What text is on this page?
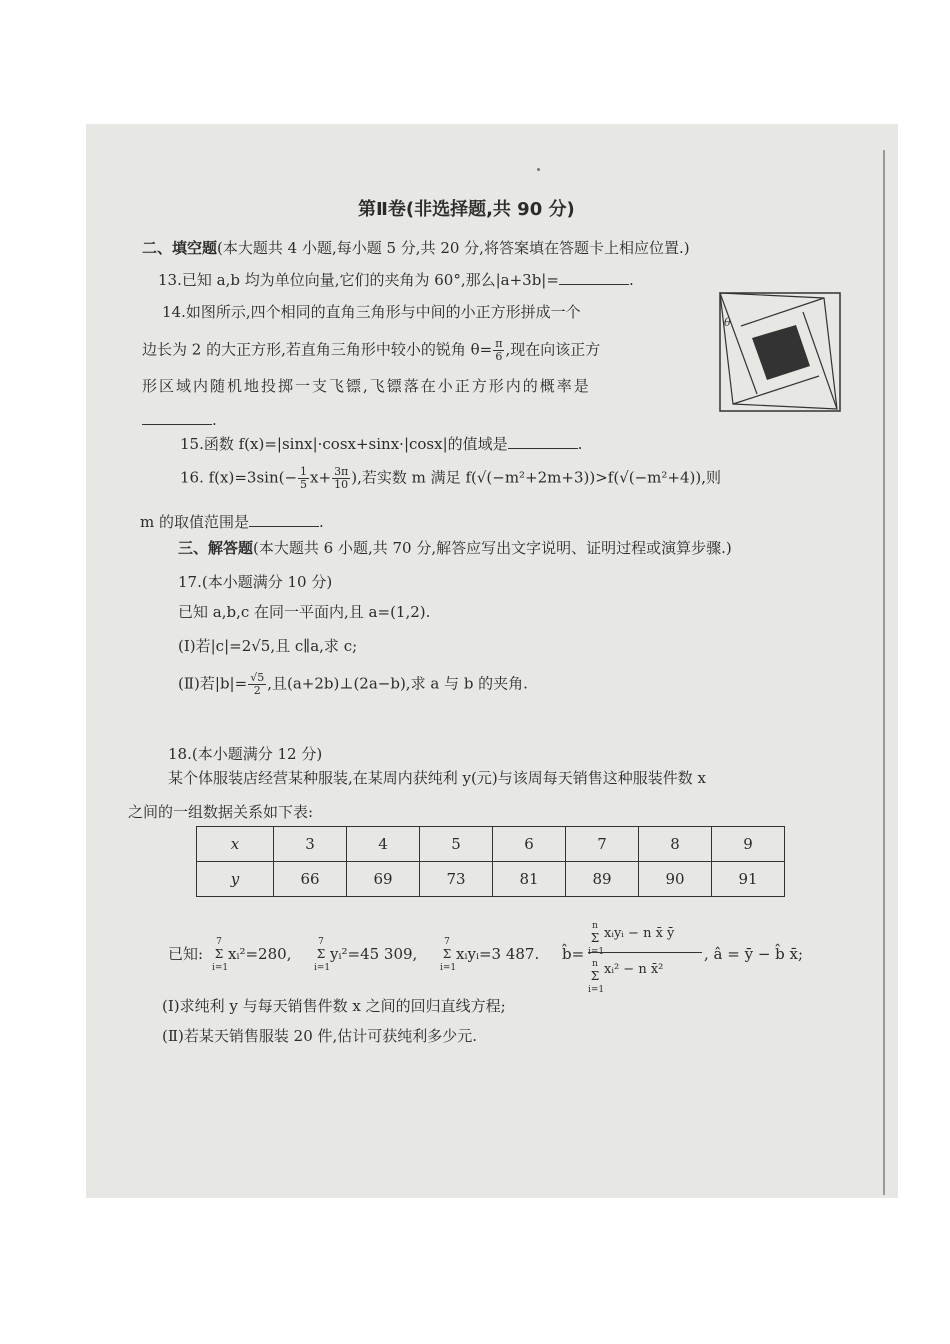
第Ⅱ卷(非选择题,共 90 分)
二、填空题(本大题共 4 小题,每小题 5 分,共 20 分,将答案填在答题卡上相应位置.)
13.已知 a,b 均为单位向量,它们的夹角为 60°,那么|a+3b|=	.
14.如图所示,四个相同的直角三角形与中间的小正方形拼成一个
边长为 2 的大正方形,若直角三角形中较小的锐角 $\theta= \frac{\pi}{6}$ ,现在向该正方
形区域内随机地投掷一支飞镖,飞镖落在小正方形内的概率是
.
θ
15.函数 f(x)=|sinx|·cosx+sinx·|cosx|的值域是	.
16. $f(x)=3\sin(- \frac{1}{5} x+ \frac{3\pi}{10}$ ),若实数 m 满足 f(√(−m²+2m+3))>f(√(−m²+4)),则
m 的取值范围是	.
三、解答题(本大题共 6 小题,共 70 分,解答应写出文字说明、证明过程或演算步骤.)
17.(本小题满分 10 分)
已知 a,b,c 在同一平面内,且 a=(1,2).
(Ⅰ)若|c|=2√5,且 c∥a,求 c;
(Ⅱ)若$|b|= \frac{√5}{2}$ ,且(a+2b)⊥(2a−b),求 a 与 b 的夹角.
18.(本小题满分 12 分)
某个体服装店经营某种服装,在某周内获纯利 y(元)与该周每天销售这种服装件数 x
之间的一组数据关系如下表:
x	3	4	5	6	7	8	9
y	66	69	73	81	89	90	91
已知:
7
Σ
i=1
xᵢ²=280,
7
Σ
i=1
yᵢ²=45 309,
7
Σ
i=1
xᵢyᵢ=3 487. b̂=
n
Σ
i=1
xᵢyᵢ − n x̄ ȳ
n
Σ
i=1
xᵢ² − n x̄²
, â = ȳ − b̂ x̄;
(Ⅰ)求纯利 y 与每天销售件数 x 之间的回归直线方程;
(Ⅱ)若某天销售服装 20 件,估计可获纯利多少元.
